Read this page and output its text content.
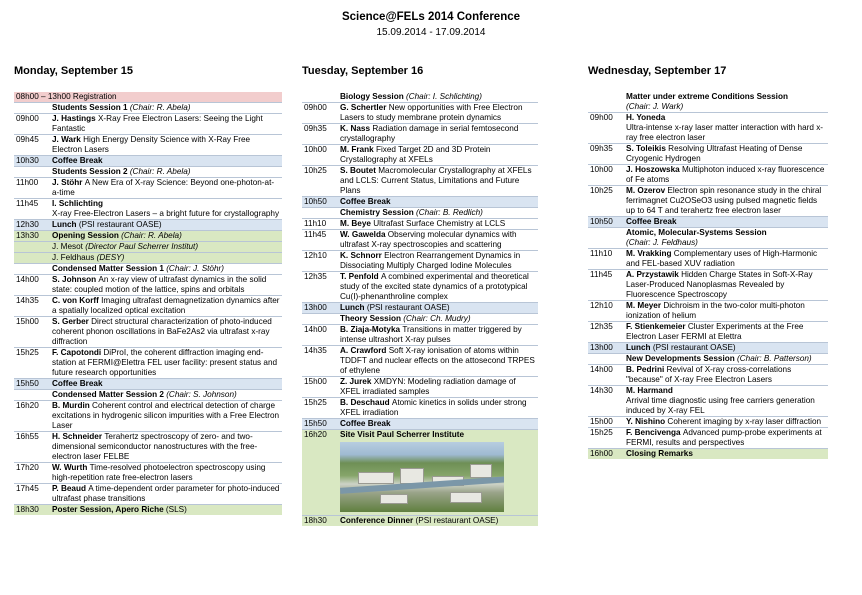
Science@FELs 2014 Conference
15.09.2014 - 17.09.2014
Monday, September 15
08h00 – 13h00 Registration
Students Session 1 (Chair: R. Abela)
09h00	J. Hastings X-Ray Free Electron Lasers: Seeing the Light Fantastic
09h45	J. Wark High Energy Density Science with X-Ray Free Electron Lasers
10h30	Coffee Break
Students Session 2 (Chair: R. Abela)
11h00	J. Stöhr A New Era of X-ray Science: Beyond one-photon-at-a-time
11h45	I. Schlichting
X-ray Free-Electron Lasers – a bright future for crystallography
12h30	Lunch (PSI restaurant OASE)
13h30	Opening Session (Chair: R. Abela)
J. Mesot (Director Paul Scherrer Institut)
J. Feldhaus (DESY)
Condensed Matter Session 1 (Chair: J. Stöhr)
14h00	S. Johnson An x-ray view of ultrafast dynamics in the solid state: coupled motion of the lattice, spins and orbitals
14h35	C. von Korff Imaging ultrafast demagnetization dynamics after a spatially localized optical excitation
15h00	S. Gerber Direct structural characterization of photo-induced coherent phonon oscillations in BaFe2As2 via ultrafast x-ray diffraction
15h25	F. Capotondi DiProI, the coherent diffraction imaging end-station at FERMI@Elettra FEL user facility: present status and future research opportunities
15h50	Coffee Break
Condensed Matter Session 2 (Chair: S. Johnson)
16h20	B. Murdin Coherent control and electrical detection of charge excitations in hydrogenic silicon impurities with a Free Electron Laser
16h55	H. Schneider Terahertz spectroscopy of zero- and two-dimensional semiconductor nanostructures with the free-electron laser FELBE
17h20	W. Wurth Time-resolved photoelectron spectroscopy using high-repetition rate free-electron lasers
17h45	P. Beaud A time-dependent order parameter for photo-induced ultrafast phase transitions
18h30	Poster Session, Apero Riche (SLS)
Tuesday, September 16
Biology Session (Chair: I. Schlichting)
09h00	G. Schertler New opportunities with Free Electron Lasers to study membrane protein dynamics
09h35	K. Nass Radiation damage in serial femtosecond crystallography
10h00	M. Frank Fixed Target 2D and 3D Protein Crystallography at XFELs
10h25	S. Boutet Macromolecular Crystallography at XFELs and LCLS: Current Status, Limitations and Future Plans
10h50	Coffee Break
Chemistry Session (Chair: B. Redlich)
11h10	M. Beye Ultrafast Surface Chemistry at LCLS
11h45	W. Gawelda Observing molecular dynamics with ultrafast X-ray spectroscopies and scattering
12h10	K. Schnorr Electron Rearrangement Dynamics in Dissociating Multiply Charged Iodine Molecules
12h35	T. Penfold A combined experimental and theoretical study of the excited state dynamics of a prototypical Cu(I)-phenanthroline complex
13h00	Lunch (PSI restaurant OASE)
Theory Session (Chair: Ch. Mudry)
14h00	B. Ziaja-Motyka Transitions in matter triggered by intense ultrashort X-ray pulses
14h35	A. Crawford Soft X-ray ionisation of atoms within TDDFT and nuclear effects on the attosecond TRPES of ethylene
15h00	Z. Jurek XMDYN: Modeling radiation damage of XFEL irradiated samples
15h25	B. Deschaud Atomic kinetics in solids under strong XFEL irradiation
15h50	Coffee Break
16h20	Site Visit Paul Scherrer Institute
18h30	Conference Dinner (PSI restaurant OASE)
Wednesday, September 17
Matter under extreme Conditions Session
(Chair: J. Wark)
09h00	H. Yoneda
Ultra-intense x-ray laser matter interaction with hard x-ray free electron laser
09h35	S. Toleikis Resolving Ultrafast Heating of Dense Cryogenic Hydrogen
10h00	J. Hoszowska Multiphoton induced x-ray fluorescence of Fe atoms
10h25	M. Ozerov Electron spin resonance study in the chiral ferrimagnet Cu2OSeO3 using pulsed magnetic fields up to 64 T and terahertz free electron laser
10h50	Coffee Break
Atomic, Molecular-Systems Session
(Chair: J. Feldhaus)
11h10	M. Vrakking Complementary uses of High-Harmonic and FEL-based XUV radiation
11h45	A. Przystawik Hidden Charge States in Soft-X-Ray Laser-Produced Nanoplasmas Revealed by Fluorescence Spectroscopy
12h10	M. Meyer Dichroism in the two-color multi-photon ionization of helium
12h35	F. Stienkemeier Cluster Experiments at the Free Electron Laser FERMI at Elettra
13h00	Lunch (PSI restaurant OASE)
New Developments Session (Chair: B. Patterson)
14h00	B. Pedrini Revival of X-ray cross-correlations "because" of X-ray Free Electron Lasers
14h30	M. Harmand
Arrival time diagnostic using free carriers generation induced by X-ray FEL
15h00	Y. Nishino Coherent imaging by x-ray laser diffraction
15h25	F. Bencivenga Advanced pump-probe experiments at FERMI, results and perspectives
16h00	Closing Remarks
